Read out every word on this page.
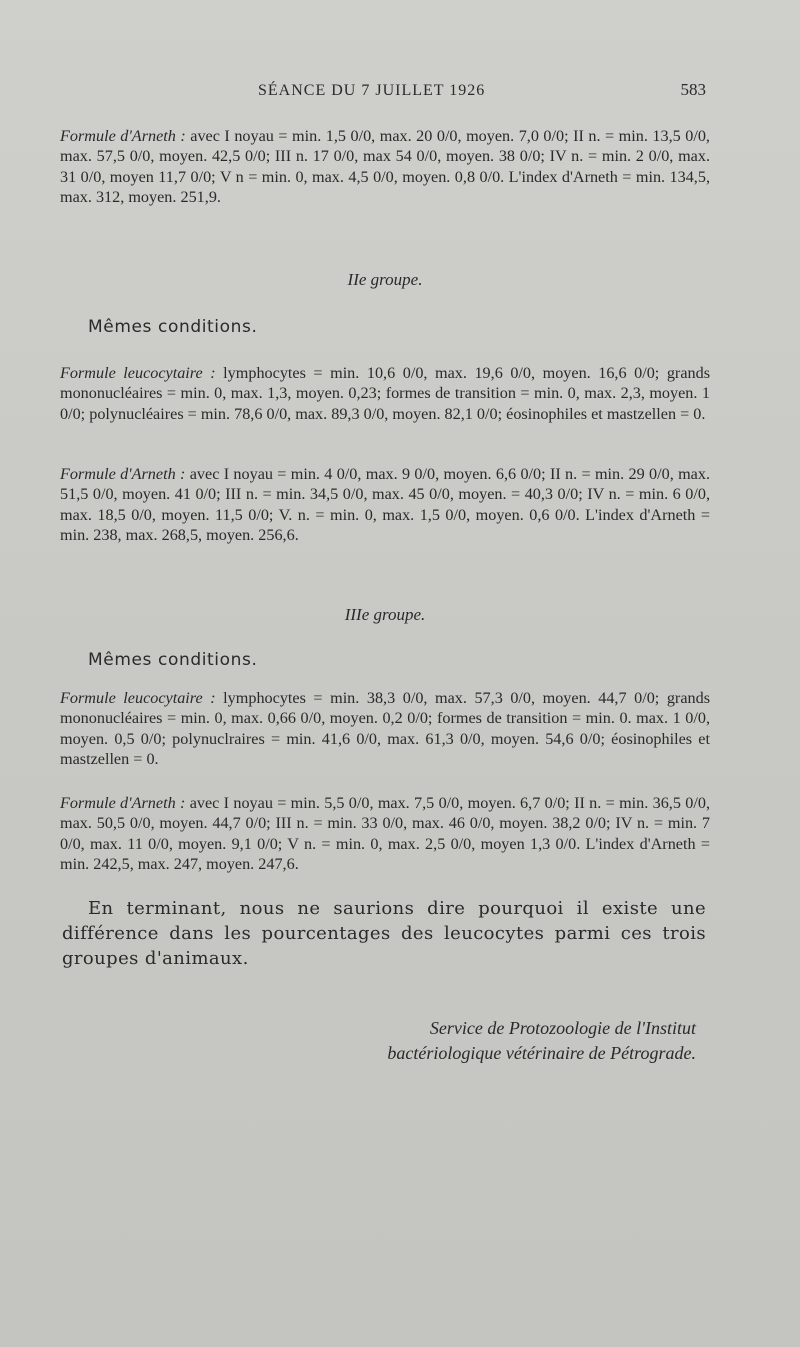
SÉANCE DU 7 JUILLET 1926	583
Formule d'Arneth : avec I noyau = min. 1,5 0/0, max. 20 0/0, moyen. 7,0 0/0; II n. = min. 13,5 0/0, max. 57,5 0/0, moyen. 42,5 0/0; III n. 17 0/0, max 54 0/0, moyen. 38 0/0; IV n. = min. 2 0/0, max. 31 0/0, moyen 11,7 0/0; V n = min. 0, max. 4,5 0/0, moyen. 0,8 0/0. L'index d'Arneth = min. 134,5, max. 312, moyen. 251,9.
IIe groupe.
Mêmes conditions.
Formule leucocytaire : lymphocytes = min. 10,6 0/0, max. 19,6 0/0, moyen. 16,6 0/0; grands mononucléaires = min. 0, max. 1,3, moyen. 0,23; formes de transition = min. 0, max. 2,3, moyen. 1 0/0; polynucléaires = min. 78,6 0/0, max. 89,3 0/0, moyen. 82,1 0/0; éosinophiles et mastzellen = 0.
Formule d'Arneth : avec I noyau = min. 4 0/0, max. 9 0/0, moyen. 6,6 0/0; II n. = min. 29 0/0, max. 51,5 0/0, moyen. 41 0/0; III n. = min. 34,5 0/0, max. 45 0/0, moyen. = 40,3 0/0; IV n. = min. 6 0/0, max. 18,5 0/0, moyen. 11,5 0/0; V. n. = min. 0, max. 1,5 0/0, moyen. 0,6 0/0. L'index d'Arneth = min. 238, max. 268,5, moyen. 256,6.
IIIe groupe.
Mêmes conditions.
Formule leucocytaire : lymphocytes = min. 38,3 0/0, max. 57,3 0/0, moyen. 44,7 0/0; grands mononucléaires = min. 0, max. 0,66 0/0, moyen. 0,2 0/0; formes de transition = min. 0. max. 1 0/0, moyen. 0,5 0/0; polynuclraires = min. 41,6 0/0, max. 61,3 0/0, moyen. 54,6 0/0; éosinophiles et mastzellen = 0.
Formule d'Arneth : avec I noyau = min. 5,5 0/0, max. 7,5 0/0, moyen. 6,7 0/0; II n. = min. 36,5 0/0, max. 50,5 0/0, moyen. 44,7 0/0; III n. = min. 33 0/0, max. 46 0/0, moyen. 38,2 0/0; IV n. = min. 7 0/0, max. 11 0/0, moyen. 9,1 0/0; V n. = min. 0, max. 2,5 0/0, moyen 1,3 0/0. L'index d'Arneth = min. 242,5, max. 247, moyen. 247,6.
En terminant, nous ne saurions dire pourquoi il existe une différence dans les pourcentages des leucocytes parmi ces trois groupes d'animaux.
Service de Protozoologie de l'Institut
bactériologique vétérinaire de Pétrograde.
